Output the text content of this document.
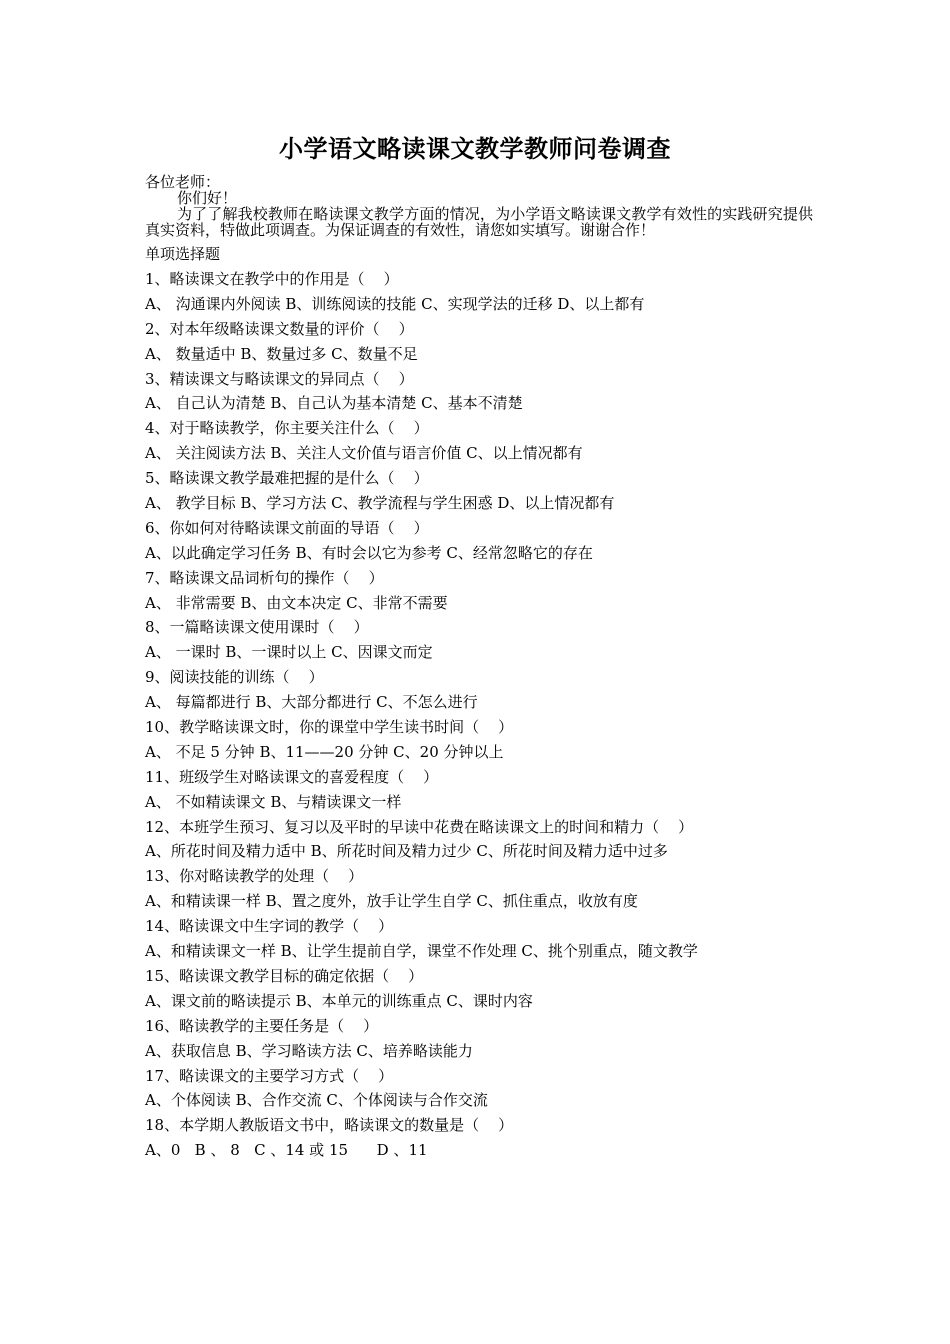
小学语文略读课文教学教师问卷调查
各位老师：
你们好！
为了了解我校教师在略读课文教学方面的情况，为小学语文略读课文教学有效性的实践研究提供真实资料，特做此项调查。为保证调查的有效性，请您如实填写。谢谢合作！
单项选择题
1、略读课文在教学中的作用是（    ）
A、 沟通课内外阅读 B、训练阅读的技能 C、实现学法的迁移 D、以上都有
2、对本年级略读课文数量的评价（    ）
A、 数量适中 B、数量过多 C、数量不足
3、精读课文与略读课文的异同点（    ）
A、 自己认为清楚 B、自己认为基本清楚 C、基本不清楚
4、对于略读教学，你主要关注什么（    ）
A、 关注阅读方法 B、关注人文价值与语言价值 C、以上情况都有
5、略读课文教学最难把握的是什么（    ）
A、 教学目标 B、学习方法 C、教学流程与学生困惑 D、以上情况都有
6、你如何对待略读课文前面的导语（    ）
A、以此确定学习任务 B、有时会以它为参考 C、经常忽略它的存在
7、略读课文品词析句的操作（    ）
A、 非常需要 B、由文本决定 C、非常不需要
8、一篇略读课文使用课时（    ）
A、 一课时 B、一课时以上 C、因课文而定
9、阅读技能的训练（    ）
A、 每篇都进行 B、大部分都进行 C、不怎么进行
10、教学略读课文时，你的课堂中学生读书时间（    ）
A、 不足 5 分钟 B、11——20 分钟 C、20 分钟以上
11、班级学生对略读课文的喜爱程度（    ）
A、 不如精读课文 B、与精读课文一样
12、本班学生预习、复习以及平时的早读中花费在略读课文上的时间和精力（    ）
A、所花时间及精力适中 B、所花时间及精力过少 C、所花时间及精力适中过多
13、你对略读教学的处理（    ）
A、和精读课一样 B、置之度外，放手让学生自学 C、抓住重点，收放有度
14、略读课文中生字词的教学（    ）
A、和精读课文一样 B、让学生提前自学，课堂不作处理 C、挑个别重点，随文教学
15、略读课文教学目标的确定依据（    ）
A、课文前的略读提示 B、本单元的训练重点 C、课时内容
16、略读教学的主要任务是（    ）
A、获取信息 B、学习略读方法 C、培养略读能力
17、略读课文的主要学习方式（    ）
A、个体阅读 B、合作交流 C、个体阅读与合作交流
18、本学期人教版语文书中，略读课文的数量是（    ）
A、0   B 、 8   C 、14 或 15      D 、11
